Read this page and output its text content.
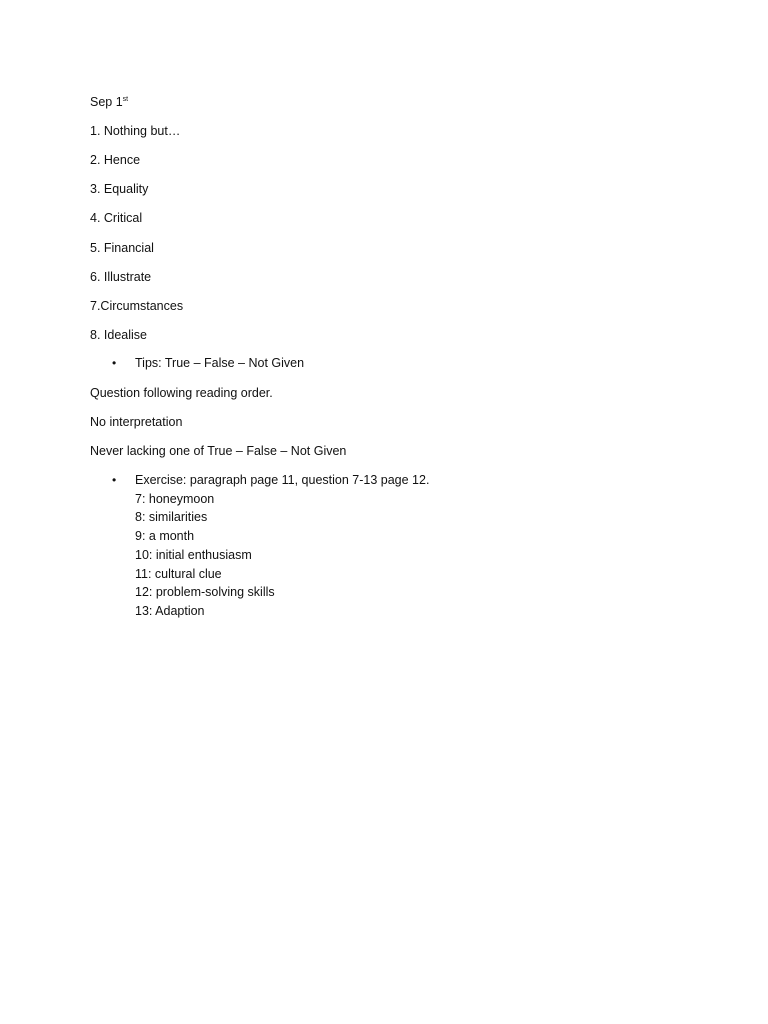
Sep 1st
1. Nothing but…
2. Hence
3. Equality
4. Critical
5. Financial
6. Illustrate
7.Circumstances
8. Idealise
• Tips: True – False – Not Given
Question following reading order.
No interpretation
Never lacking one of True – False – Not Given
• Exercise: paragraph page 11, question 7-13 page 12.
7: honeymoon
8: similarities
9: a month
10: initial enthusiasm
11: cultural clue
12: problem-solving skills
13: Adaption
